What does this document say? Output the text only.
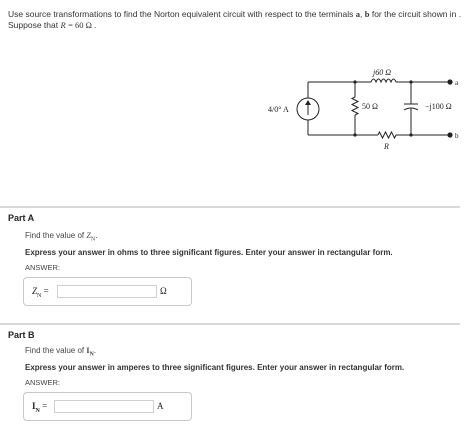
Use source transformations to find the Norton equivalent circuit with respect to the terminals a, b for the circuit shown in .
Suppose that R = 60 Ω .
j60 Ω
4/0° A	50 Ω	−j100 Ω
R
a
b
Part A
Find the value of $Z_N$.
Express your answer in ohms to three significant figures. Enter your answer in rectangular form.
ANSWER:
$Z_N$ =	Ω
Part B
Find the value of $I_N$.
Express your answer in amperes to three significant figures. Enter your answer in rectangular form.
ANSWER:
$I_N$ =	A
